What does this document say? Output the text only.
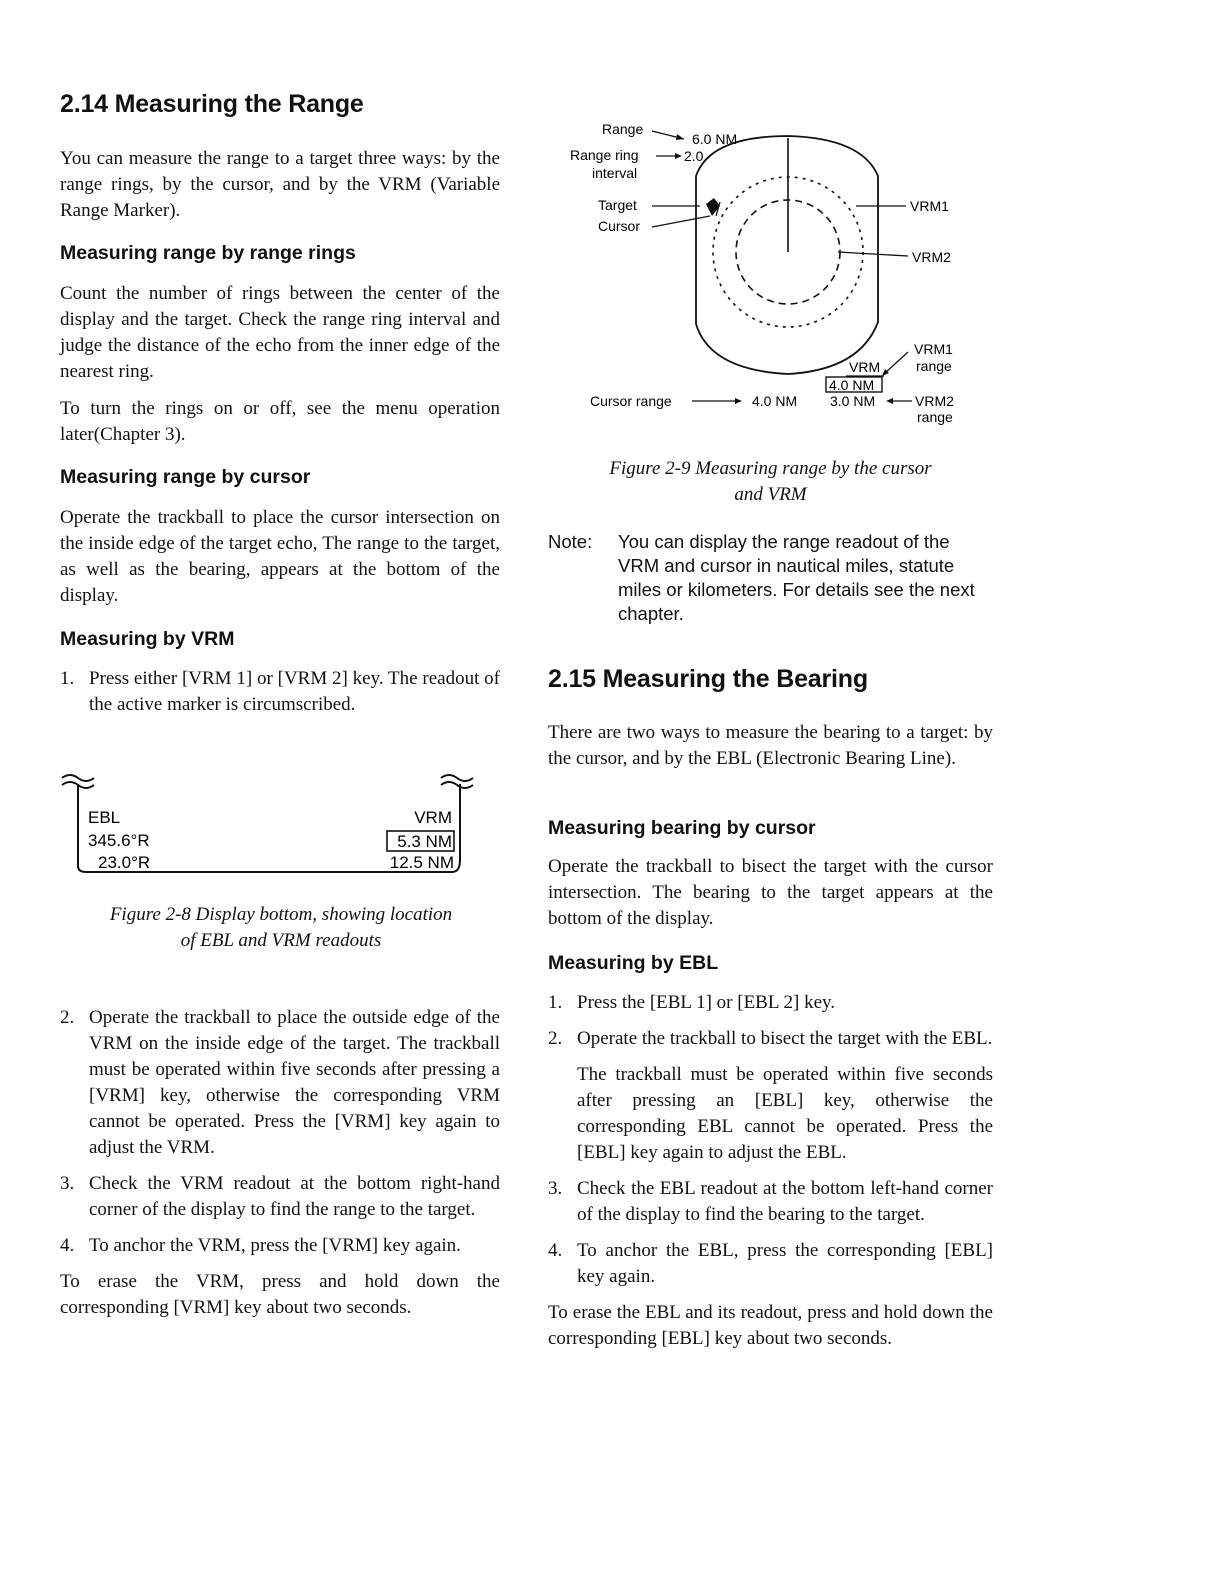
2.14 Measuring the Range

You can measure the range to a target three ways: by the range rings, by the cursor, and by the VRM (Variable Range Marker).

Measuring range by range rings

Count the number of rings between the center of the display and the target. Check the range ring interval and judge the distance of the echo from the inner edge of the nearest ring.

To turn the rings on or off, see the menu operation later(Chapter 3).

Measuring range by cursor

Operate the trackball to place the cursor intersection on the inside edge of the target echo, The range to the target, as well as the bearing, appears at the bottom of the display.

Measuring by VRM
1. Press either [VRM 1] or [VRM 2] key. The readout of the active marker is circumscribed.
EBL
345.6°R
23.0°R
VRM
5.3 NM
12.5 NM
Figure 2-8 Display bottom, showing location
of EBL and VRM readouts
2. Operate the trackball to place the outside edge of the VRM on the inside edge of the target. The trackball must be operated within five seconds after pressing a [VRM] key, otherwise the corresponding VRM cannot be operated. Press the [VRM] key again to adjust the VRM.
3. Check the VRM readout at the bottom right-hand corner of the display to find the range to the target.
4. To anchor the VRM, press the [VRM] key again.

To erase the VRM, press and hold down the corresponding [VRM] key about two seconds.

Range
6.0 NM
Range ring
interval
2.0
Target
Cursor
VRM1
VRM2
VRM
4.0 NM
3.0 NM
VRM1
range
VRM2
range
Cursor range	4.0 NM
Figure 2-9 Measuring range by the cursor
and VRM
Note:	You can display the range readout of the VRM and cursor in nautical miles, statute miles or kilometers. For details see the next chapter.
2.15 Measuring the Bearing

There are two ways to measure the bearing to a target: by the cursor, and by the EBL (Electronic Bearing Line).

Measuring bearing by cursor

Operate the trackball to bisect the target with the cursor intersection. The bearing to the target appears at the bottom of the display.

Measuring by EBL
1. Press the [EBL 1] or [EBL 2] key.
2. Operate the trackball to bisect the target with the EBL.

The trackball must be operated within five seconds after pressing an [EBL] key, otherwise the corresponding EBL cannot be operated. Press the [EBL] key again to adjust the EBL.

3. Check the EBL readout at the bottom left-hand corner of the display to find the bearing to the target.
4. To anchor the EBL, press the corresponding [EBL] key again.

To erase the EBL and its readout, press and hold down the corresponding [EBL] key about two seconds.
